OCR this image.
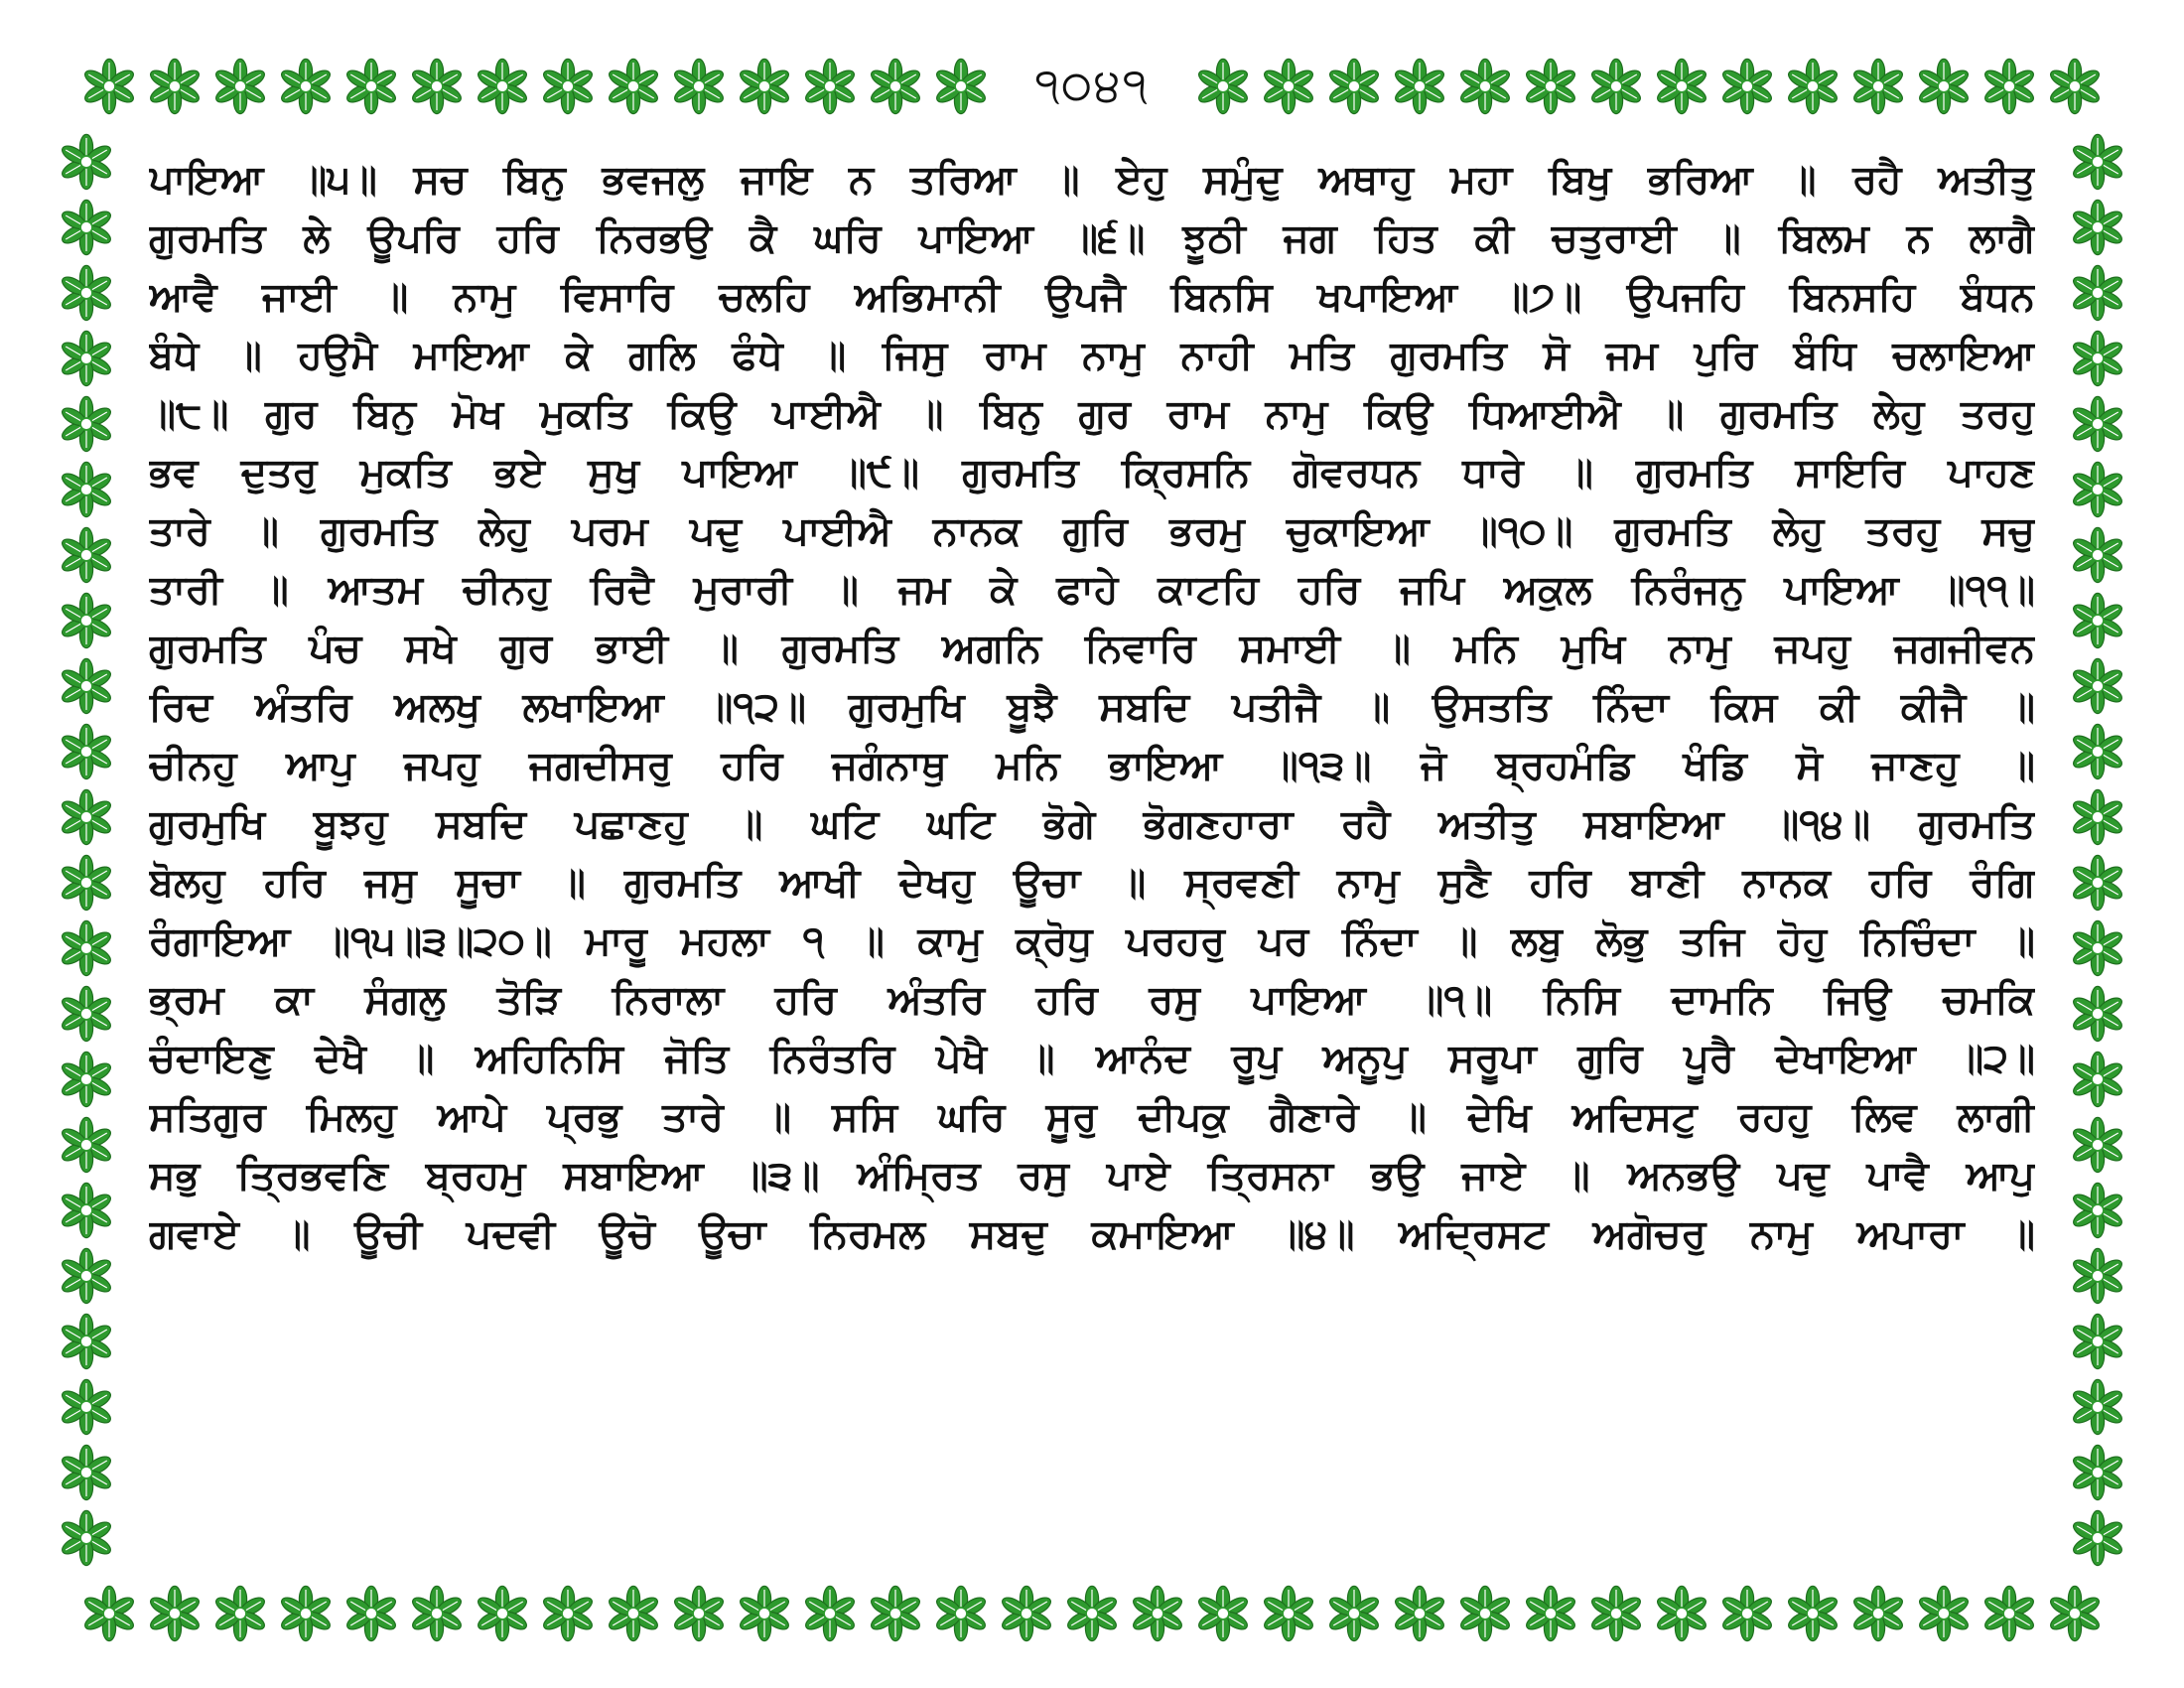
੧੦੪੧
ਪਾਇਆ ॥੫॥ ਸਚ ਬਿਨੁ ਭਵਜਲੁ ਜਾਇ ਨ ਤਰਿਆ ॥ ਏਹੁ ਸਮੁੰਦੁ ਅਥਾਹੁ ਮਹਾ ਬਿਖੁ ਭਰਿਆ ॥ ਰਹੈ ਅਤੀਤੁ
ਗੁਰਮਤਿ ਲੇ ਊਪਰਿ ਹਰਿ ਨਿਰਭਉ ਕੈ ਘਰਿ ਪਾਇਆ ॥੬॥ ਝੂਠੀ ਜਗ ਹਿਤ ਕੀ ਚਤੁਰਾਈ ॥ ਬਿਲਮ ਨ ਲਾਗੈ
ਆਵੈ ਜਾਈ ॥ ਨਾਮੁ ਵਿਸਾਰਿ ਚਲਹਿ ਅਭਿਮਾਨੀ ਉਪਜੈ ਬਿਨਸਿ ਖਪਾਇਆ ॥੭॥ ਉਪਜਹਿ ਬਿਨਸਹਿ ਬੰਧਨ
ਬੰਧੇ ॥ ਹਉਮੈ ਮਾਇਆ ਕੇ ਗਲਿ ਫੰਧੇ ॥ ਜਿਸੁ ਰਾਮ ਨਾਮੁ ਨਾਹੀ ਮਤਿ ਗੁਰਮਤਿ ਸੋ ਜਮ ਪੁਰਿ ਬੰਧਿ ਚਲਾਇਆ
॥੮॥ ਗੁਰ ਬਿਨੁ ਮੋਖ ਮੁਕਤਿ ਕਿਉ ਪਾਈਐ ॥ ਬਿਨੁ ਗੁਰ ਰਾਮ ਨਾਮੁ ਕਿਉ ਧਿਆਈਐ ॥ ਗੁਰਮਤਿ ਲੇਹੁ ਤਰਹੁ
ਭਵ ਦੁਤਰੁ ਮੁਕਤਿ ਭਏ ਸੁਖੁ ਪਾਇਆ ॥੯॥ ਗੁਰਮਤਿ ਕ੍ਰਿਸਨਿ ਗੋਵਰਧਨ ਧਾਰੇ ॥ ਗੁਰਮਤਿ ਸਾਇਰਿ ਪਾਹਣ
ਤਾਰੇ ॥ ਗੁਰਮਤਿ ਲੇਹੁ ਪਰਮ ਪਦੁ ਪਾਈਐ ਨਾਨਕ ਗੁਰਿ ਭਰਮੁ ਚੁਕਾਇਆ ॥੧੦॥ ਗੁਰਮਤਿ ਲੇਹੁ ਤਰਹੁ ਸਚੁ
ਤਾਰੀ ॥ ਆਤਮ ਚੀਨਹੁ ਰਿਦੈ ਮੁਰਾਰੀ ॥ ਜਮ ਕੇ ਫਾਹੇ ਕਾਟਹਿ ਹਰਿ ਜਪਿ ਅਕੁਲ ਨਿਰੰਜਨੁ ਪਾਇਆ ॥੧੧॥
ਗੁਰਮਤਿ ਪੰਚ ਸਖੇ ਗੁਰ ਭਾਈ ॥ ਗੁਰਮਤਿ ਅਗਨਿ ਨਿਵਾਰਿ ਸਮਾਈ ॥ ਮਨਿ ਮੁਖਿ ਨਾਮੁ ਜਪਹੁ ਜਗਜੀਵਨ
ਰਿਦ ਅੰਤਰਿ ਅਲਖੁ ਲਖਾਇਆ ॥੧੨॥ ਗੁਰਮੁਖਿ ਬੂਝੈ ਸਬਦਿ ਪਤੀਜੈ ॥ ਉਸਤਤਿ ਨਿੰਦਾ ਕਿਸ ਕੀ ਕੀਜੈ ॥
ਚੀਨਹੁ ਆਪੁ ਜਪਹੁ ਜਗਦੀਸਰੁ ਹਰਿ ਜਗੰਨਾਥੁ ਮਨਿ ਭਾਇਆ ॥੧੩॥ ਜੋ ਬ੍ਰਹਮੰਡਿ ਖੰਡਿ ਸੋ ਜਾਣਹੁ ॥
ਗੁਰਮੁਖਿ ਬੂਝਹੁ ਸਬਦਿ ਪਛਾਣਹੁ ॥ ਘਟਿ ਘਟਿ ਭੋਗੇ ਭੋਗਣਹਾਰਾ ਰਹੈ ਅਤੀਤੁ ਸਬਾਇਆ ॥੧੪॥ ਗੁਰਮਤਿ
ਬੋਲਹੁ ਹਰਿ ਜਸੁ ਸੂਚਾ ॥ ਗੁਰਮਤਿ ਆਖੀ ਦੇਖਹੁ ਊਚਾ ॥ ਸ੍ਰਵਣੀ ਨਾਮੁ ਸੁਣੈ ਹਰਿ ਬਾਣੀ ਨਾਨਕ ਹਰਿ ਰੰਗਿ
ਰੰਗਾਇਆ ॥੧੫॥੩॥੨੦॥ ਮਾਰੂ ਮਹਲਾ ੧ ॥ ਕਾਮੁ ਕ੍ਰੋਧੁ ਪਰਹਰੁ ਪਰ ਨਿੰਦਾ ॥ ਲਬੁ ਲੋਭੁ ਤਜਿ ਹੋਹੁ ਨਿਚਿੰਦਾ ॥
ਭ੍ਰਮ ਕਾ ਸੰਗਲੁ ਤੋੜਿ ਨਿਰਾਲਾ ਹਰਿ ਅੰਤਰਿ ਹਰਿ ਰਸੁ ਪਾਇਆ ॥੧॥ ਨਿਸਿ ਦਾਮਨਿ ਜਿਉ ਚਮਕਿ
ਚੰਦਾਇਣੁ ਦੇਖੈ ॥ ਅਹਿਨਿਸਿ ਜੋਤਿ ਨਿਰੰਤਰਿ ਪੇਖੈ ॥ ਆਨੰਦ ਰੂਪੁ ਅਨੂਪੁ ਸਰੂਪਾ ਗੁਰਿ ਪੂਰੈ ਦੇਖਾਇਆ ॥੨॥
ਸਤਿਗੁਰ ਮਿਲਹੁ ਆਪੇ ਪ੍ਰਭੁ ਤਾਰੇ ॥ ਸਸਿ ਘਰਿ ਸੂਰੁ ਦੀਪਕੁ ਗੈਣਾਰੇ ॥ ਦੇਖਿ ਅਦਿਸਟੁ ਰਹਹੁ ਲਿਵ ਲਾਗੀ
ਸਭੁ ਤ੍ਰਿਭਵਣਿ ਬ੍ਰਹਮੁ ਸਬਾਇਆ ॥੩॥ ਅੰਮ੍ਰਿਤ ਰਸੁ ਪਾਏ ਤ੍ਰਿਸਨਾ ਭਉ ਜਾਏ ॥ ਅਨਭਉ ਪਦੁ ਪਾਵੈ ਆਪੁ
ਗਵਾਏ ॥ ਊਚੀ ਪਦਵੀ ਊਚੋ ਊਚਾ ਨਿਰਮਲ ਸਬਦੁ ਕਮਾਇਆ ॥੪॥ ਅਦ੍ਰਿਸਟ ਅਗੋਚਰੁ ਨਾਮੁ ਅਪਾਰਾ ॥
